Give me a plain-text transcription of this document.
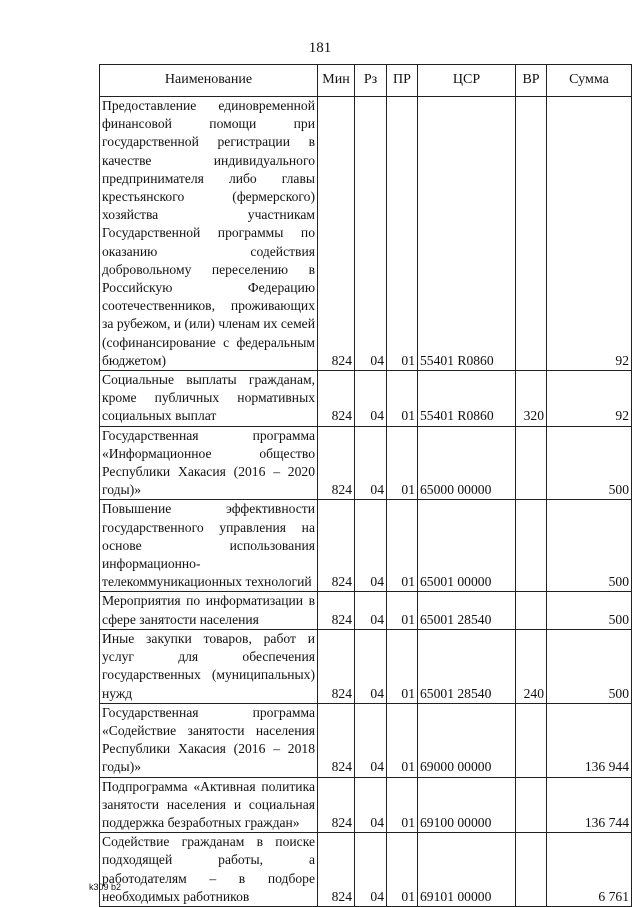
181
Наименование	Мин	Рз	ПР	ЦСР	ВР	Сумма
Предоставление единовременной финансовой помощи при государственной регистрации в качестве индивидуального предпринимателя либо главы крестьянского (фермерского) хозяйства участникам Государственной программы по оказанию содействия добровольному переселению в Российскую Федерацию соотечественников, проживающих за рубежом, и (или) членам их семей (софинансирование с федеральным бюджетом)	824	04	01	55401 R0860		92
Социальные выплаты гражданам, кроме публичных нормативных социальных выплат	824	04	01	55401 R0860	320	92
Государственная программа «Информационное общество Республики Хакасия (2016 – 2020 годы)»	824	04	01	65000 00000		500
Повышение эффективности государственного управления на основе использования информационно-телекоммуникационных технологий	824	04	01	65001 00000		500
Мероприятия по информатизации в сфере занятости населения	824	04	01	65001 28540		500
Иные закупки товаров, работ и услуг для обеспечения государственных (муниципальных) нужд	824	04	01	65001 28540	240	500
Государственная программа «Содействие занятости населения Республики Хакасия (2016 – 2018 годы)»	824	04	01	69000 00000		136 944
Подпрограмма «Активная политика занятости населения и социальная поддержка безработных граждан»	824	04	01	69100 00000		136 744
Содействие гражданам в поиске подходящей работы, а работодателям – в подборе необходимых работников	824	04	01	69101 00000		6 761
k309 b2
